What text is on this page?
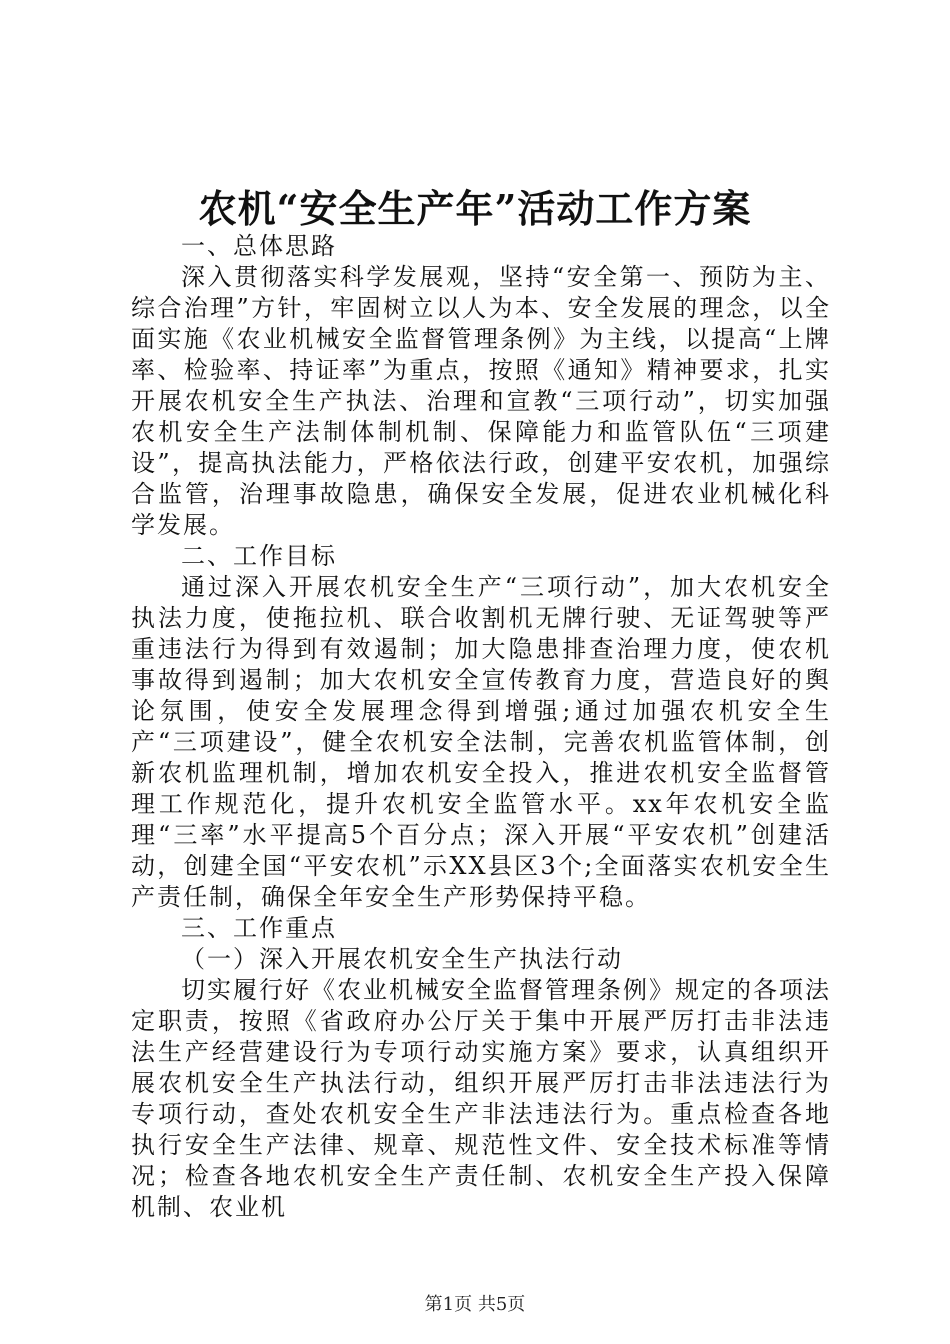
农机“安全生产年”活动工作方案

一、总体思路

深入贯彻落实科学发展观，坚持“安全第一、预防为主、综合治理”方针，牢固树立以人为本、安全发展的理念，以全面实施《农业机械安全监督管理条例》为主线，以提高“上牌率、检验率、持证率”为重点，按照《通知》精神要求，扎实开展农机安全生产执法、治理和宣教“三项行动”，切实加强农机安全生产法制体制机制、保障能力和监管队伍“三项建设”，提高执法能力，严格依法行政，创建平安农机，加强综合监管，治理事故隐患，确保安全发展，促进农业机械化科学发展。

二、工作目标

通过深入开展农机安全生产“三项行动”，加大农机安全执法力度，使拖拉机、联合收割机无牌行驶、无证驾驶等严重违法行为得到有效遏制；加大隐患排查治理力度，使农机事故得到遏制；加大农机安全宣传教育力度，营造良好的舆论氛围，使安全发展理念得到增强;通过加强农机安全生产“三项建设”，健全农机安全法制，完善农机监管体制，创新农机监理机制，增加农机安全投入，推进农机安全监督管理工作规范化，提升农机安全监管水平。xx年农机安全监理“三率”水平提高5个百分点；深入开展“平安农机”创建活动，创建全国“平安农机”示XX县区3个;全面落实农机安全生产责任制，确保全年安全生产形势保持平稳。

三、工作重点

（一）深入开展农机安全生产执法行动

切实履行好《农业机械安全监督管理条例》规定的各项法定职责，按照《省政府办公厅关于集中开展严厉打击非法违法生产经营建设行为专项行动实施方案》要求，认真组织开展农机安全生产执法行动，组织开展严厉打击非法违法行为专项行动，查处农机安全生产非法违法行为。重点检查各地执行安全生产法律、规章、规范性文件、安全技术标准等情况；检查各地农机安全生产责任制、农机安全生产投入保障机制、农业机

第1页 共5页
